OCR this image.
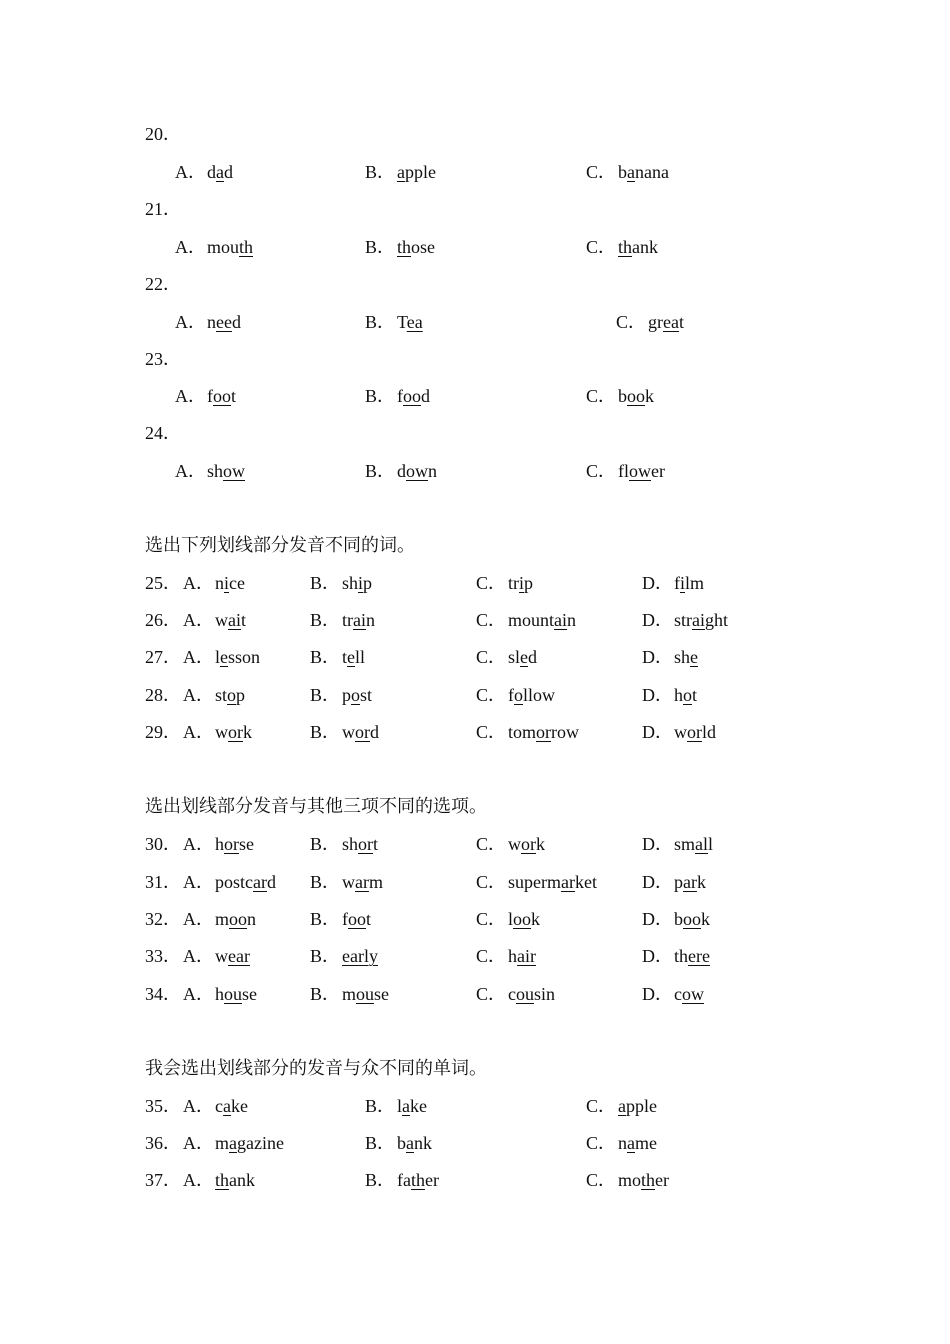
20．
A． dad	B． apple	C． banana
21．
A． mouth	B． those	C． thank
22．
A． need	B． Tea	C． great
23．
A． foot	B． food	C． book
24．
A． show	B． down	C． flower
选出下列划线部分发音不同的词。
25． A． nice	B． ship	C． trip	D． film
26． A． wait	B． train	C． mountain	D． straight
27． A． lesson	B． tell	C． sled	D． she
28． A． stop	B． post	C． follow	D． hot
29． A． work	B． word	C． tomorrow	D． world
选出划线部分发音与其他三项不同的选项。
30． A． horse	B． short	C． work	D． small
31． A． postcard B． warm	C． supermarket	D． park
32． A． moon	B． foot	C． look	D． book
33． A． wear	B． early	C． hair	D． there
34． A． house	B． mouse	C． cousin	D． cow
我会选出划线部分的发音与众不同的单词。
35． A． cake	B． lake	C． apple
36． A． magazine	B． bank	C． name
37． A． thank	B． father	C． mother
